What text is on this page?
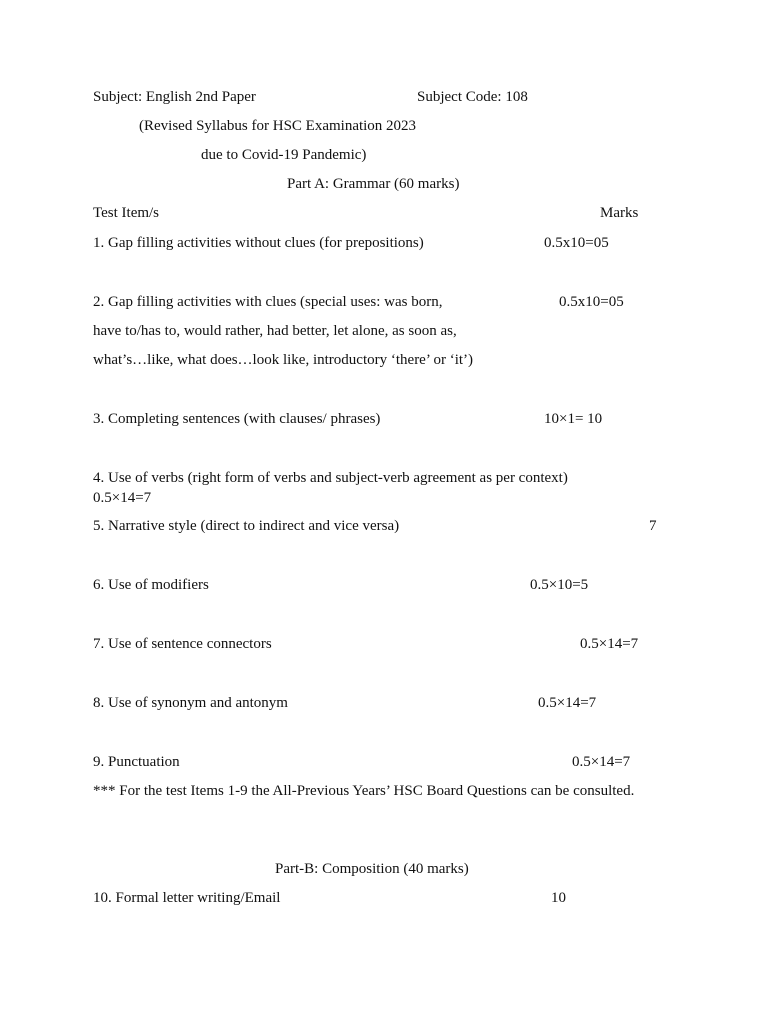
Subject: English 2nd Paper	Subject Code: 108
(Revised Syllabus for HSC Examination 2023
due to Covid-19 Pandemic)
Part A: Grammar (60 marks)
Test Item/s	Marks
1. Gap filling activities without clues (for prepositions)	0.5x10=05
2. Gap filling activities with clues (special uses: was born,	0.5x10=05
have to/has to, would rather, had better, let alone, as soon as,
what’s…like, what does…look like, introductory ‘there’ or ‘it’)
3. Completing sentences (with clauses/ phrases)	10×1= 10
4. Use of verbs (right form of verbs and subject-verb agreement as per context)
0.5×14=7
5. Narrative style (direct to indirect and vice versa)	7
6. Use of modifiers	0.5×10=5
7. Use of sentence connectors	0.5×14=7
8. Use of synonym and antonym	0.5×14=7
9. Punctuation	0.5×14=7
*** For the test Items 1-9 the All-Previous Years’ HSC Board Questions can be consulted.
Part-B: Composition (40 marks)
10. Formal letter writing/Email	10
